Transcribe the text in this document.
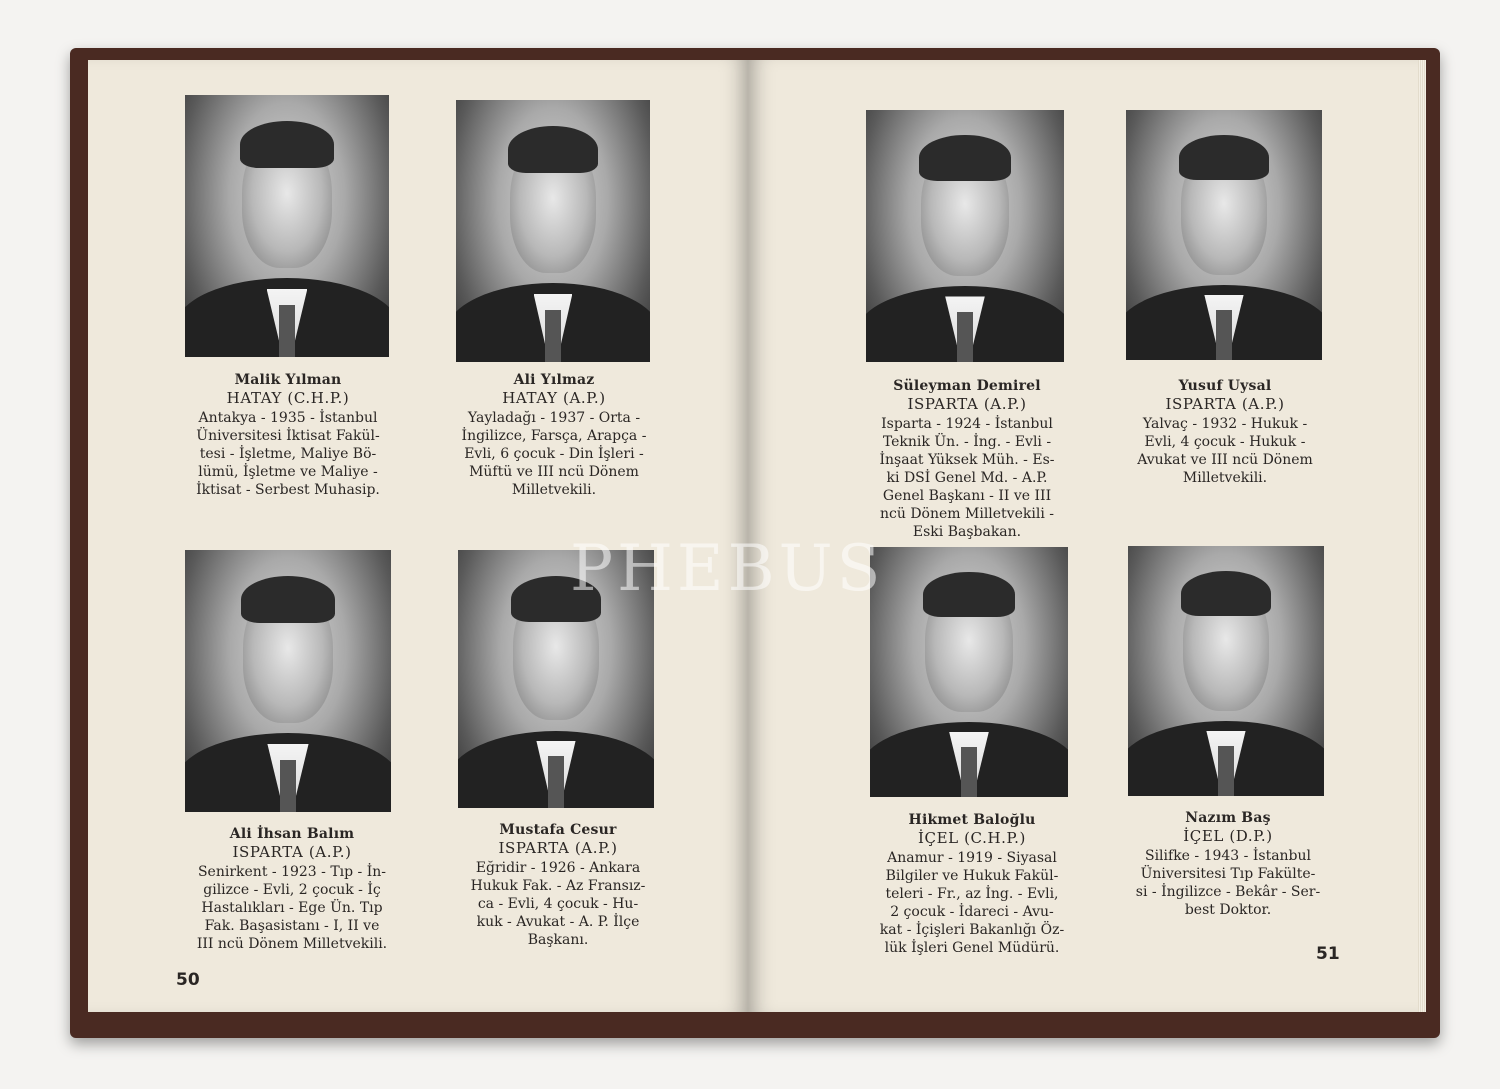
Malik Yılman
HATAY (C.H.P.)
Antakya - 1935 - İstanbul
Üniversitesi İktisat Fakül-
tesi - İşletme, Maliye Bö-
lümü, İşletme ve Maliye -
İktisat - Serbest Muhasip.
Ali Yılmaz
HATAY (A.P.)
Yayladağı - 1937 - Orta -
İngilizce, Farsça, Arapça -
Evli, 6 çocuk - Din İşleri -
Müftü ve III ncü Dönem
Milletvekili.
Ali İhsan Balım
ISPARTA (A.P.)
Senirkent - 1923 - Tıp - İn-
gilizce - Evli, 2 çocuk - İç
Hastalıkları - Ege Ün. Tıp
Fak. Başasistanı - I, II ve
III ncü Dönem Milletvekili.
Mustafa Cesur
ISPARTA (A.P.)
Eğridir - 1926 - Ankara
Hukuk Fak. - Az Fransız-
ca - Evli, 4 çocuk - Hu-
kuk - Avukat - A. P. İlçe
Başkanı.
50
Süleyman Demirel
ISPARTA (A.P.)
Isparta - 1924 - İstanbul
Teknik Ün. - İng. - Evli -
İnşaat Yüksek Müh. - Es-
ki DSİ Genel Md. - A.P.
Genel Başkanı - II ve III
ncü Dönem Milletvekili -
Eski Başbakan.
Yusuf Uysal
ISPARTA (A.P.)
Yalvaç - 1932 - Hukuk -
Evli, 4 çocuk - Hukuk -
Avukat ve III ncü Dönem
Milletvekili.
Hikmet Baloğlu
İÇEL (C.H.P.)
Anamur - 1919 - Siyasal
Bilgiler ve Hukuk Fakül-
teleri - Fr., az İng. - Evli,
2 çocuk - İdareci - Avu-
kat - İçişleri Bakanlığı Öz-
lük İşleri Genel Müdürü.
Nazım Baş
İÇEL (D.P.)
Silifke - 1943 - İstanbul
Üniversitesi Tıp Fakülte-
si - İngilizce - Bekâr - Ser-
best Doktor.
51
PHEBUS
